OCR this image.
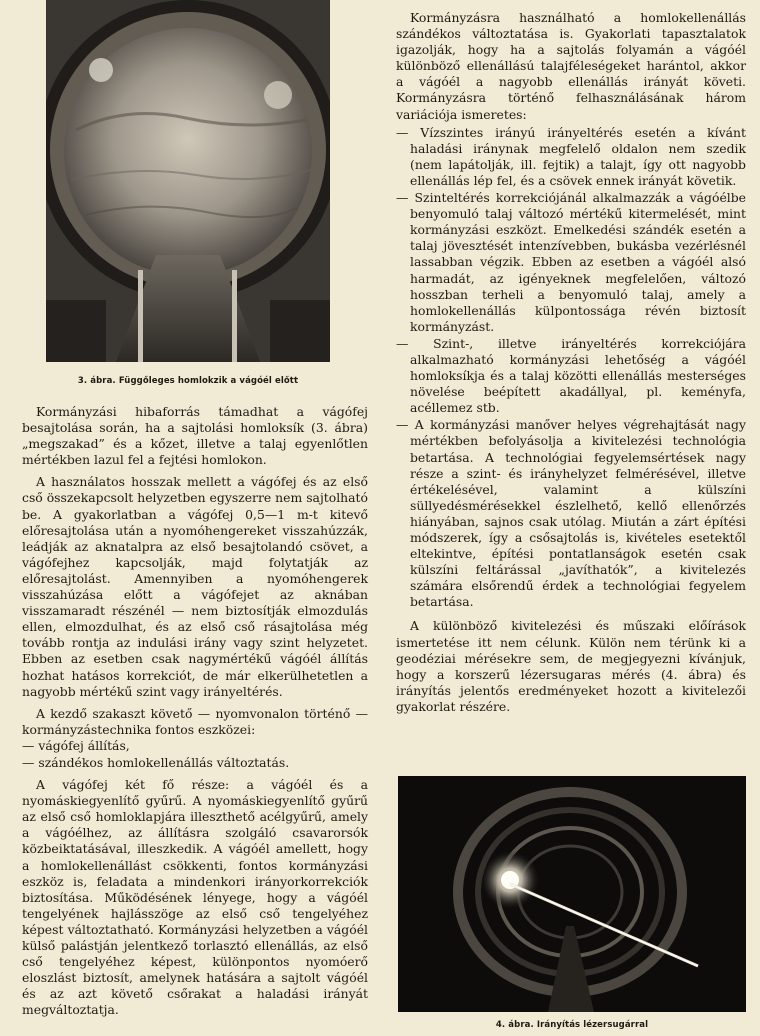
3. ábra. Függőleges homlokzik a vágóél előtt

Kormányzási hibaforrás támadhat a vágófej besajtolása során, ha a sajtolási homloksík (3. ábra) „megszakad” és a kőzet, illetve a talaj egyenlőtlen mértékben lazul fel a fejtési homlokon.

A használatos hosszak mellett a vágófej és az első cső összekapcsolt helyzetben egyszerre nem sajtolható be. A gyakorlatban a vágófej 0,5—1 m-t kitevő előresajtolása után a nyomóhengereket visszahúzzák, leádják az aknatalpra az első besajtolandó csövet, a vágófejhez kapcsolják, majd folytatják az előresajtolást. Amennyiben a nyomóhengerek visszahúzása előtt a vágófejet az aknában visszamaradt részénél — nem biztosítják elmozdulás ellen, elmozdulhat, és az első cső rásajtolása még tovább rontja az indulási irány vagy szint helyzetet. Ebben az esetben csak nagymértékű vágóél állítás hozhat hatásos korrekciót, de már elkerülhetetlen a nagyobb mértékű szint vagy irányeltérés.

A kezdő szakaszt követő — nyomvonalon történő — kormányzástechnika fontos eszközei:

— vágófej állítás,
— szándékos homlokellenállás változtatás.

A vágófej két fő része: a vágóél és a nyomáskiegyenlítő gyűrű. A nyomáskiegyenlítő gyűrű az első cső homloklapjára illeszthető acélgyűrű, amely a vágóélhez, az állításra szolgáló csavarorsók közbeiktatásával, illeszkedik. A vágóél amellett, hogy a homlokellenállást csökkenti, fontos kormányzási eszköz is, feladata a mindenkori irányorkorrekciók biztosítása. Működésének lényege, hogy a vágóél tengelyének hajlásszöge az első cső tengelyéhez képest változtatható. Kormányzási helyzetben a vágóél külső palástján jelentkező torlasztó ellenállás, az első cső tengelyéhez képest, különpontos nyomóerő eloszlást biztosít, amelynek hatására a sajtolt vágóél és az azt követő csőrakat a haladási irányát megváltoztatja.

Kormányzásra használható a homlokellenállás szándékos változtatása is. Gyakorlati tapasztalatok igazolják, hogy ha a sajtolás folyamán a vágóél különböző ellenállású talajféleségeket harántol, akkor a vágóél a nagyobb ellenállás irányát követi. Kormányzásra történő felhasználásának három variációja ismeretes:

— Vízszintes irányú irányeltérés esetén a kívánt haladási iránynak megfelelő oldalon nem szedik (nem lapátolják, ill. fejtik) a talajt, így ott nagyobb ellenállás lép fel, és a csövek ennek irányát követik.
— Szinteltérés korrekciójánál alkalmazzák a vágóélbe benyomuló talaj változó mértékű kitermelését, mint kormányzási eszközt. Emelkedési szándék esetén a talaj jövesztését intenzívebben, bukásba vezérlésnél lassabban végzik. Ebben az esetben a vágóél alsó harmadát, az igényeknek megfelelően, változó hosszban terheli a benyomuló talaj, amely a homlokellenállás külpontossága révén biztosít kormányzást.
— Szint-, illetve irányeltérés korrekciójára alkalmazható kormányzási lehetőség a vágóél homloksíkja és a talaj közötti ellenállás mesterséges növelése beépített akadállyal, pl. keményfa, acéllemez stb.
— A kormányzási manőver helyes végrehajtását nagy mértékben befolyásolja a kivitelezési technológia betartása. A technológiai fegyelemsértések nagy része a szint- és irányhelyzet felmérésével, illetve értékelésével, valamint a külszíni süllyedésmérésekkel észlelhető, kellő ellenőrzés hiányában, sajnos csak utólag. Miután a zárt építési módszerek, így a csősajtolás is, kivételes esetektől eltekintve, építési pontatlanságok esetén csak külszíni feltárással „javíthatók”, a kivitelezés számára elsőrendű érdek a technológiai fegyelem betartása.

A különböző kivitelezési és műszaki előírások ismertetése itt nem célunk. Külön nem térünk ki a geodéziai mérésekre sem, de megjegyezni kívánjuk, hogy a korszerű lézersugaras mérés (4. ábra) és irányítás jelentős eredményeket hozott a kivitelezői gyakorlat részére.

4. ábra. Irányítás lézersugárral
